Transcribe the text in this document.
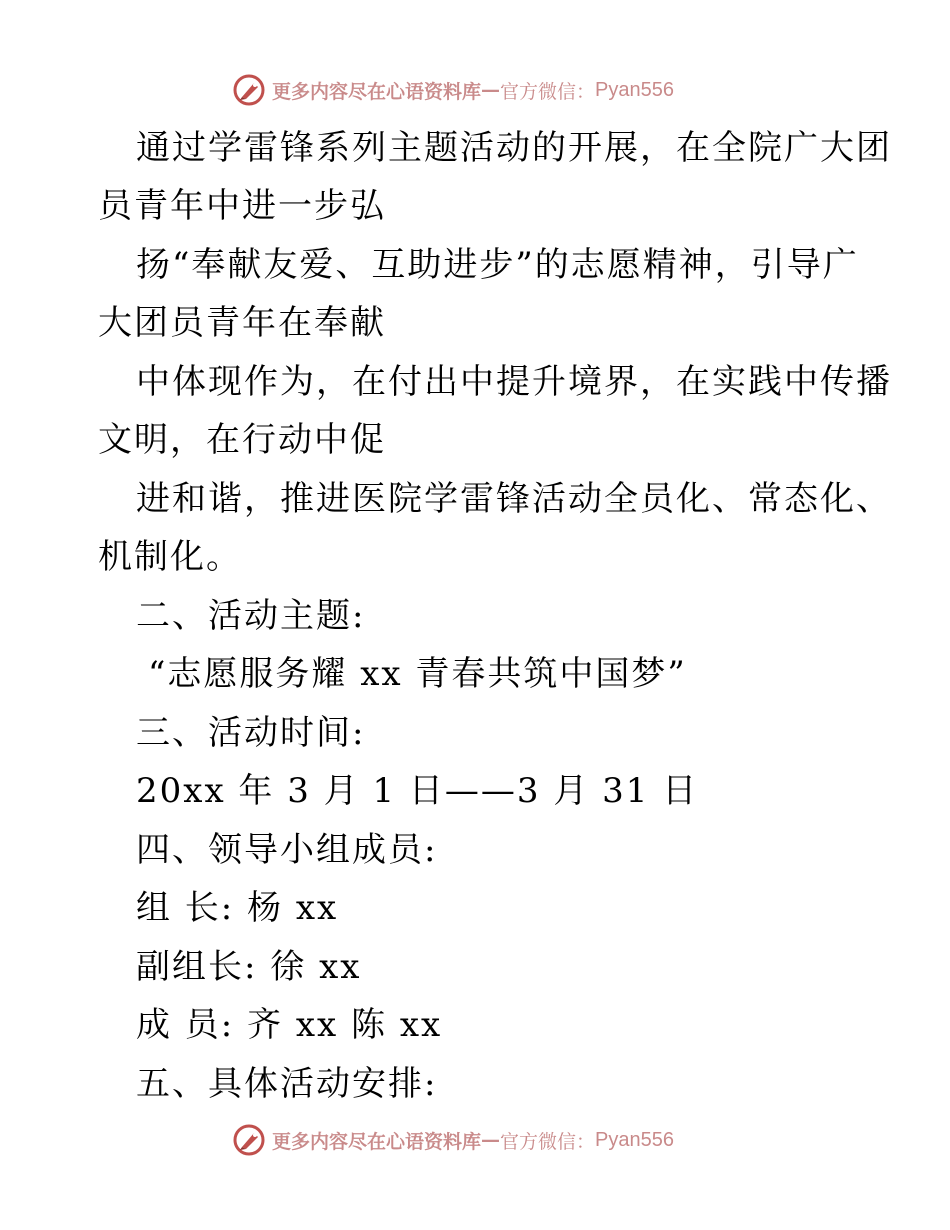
更多内容尽在心语资料库 — 官方微信： Pyan556
通过学雷锋系列主题活动的开展，在全院广大团
员青年中进一步弘
扬“奉献友爱、互助进步”的志愿精神，引导广
大团员青年在奉献
中体现作为，在付出中提升境界，在实践中传播
文明，在行动中促
进和谐，推进医院学雷锋活动全员化、常态化、
机制化。
二、活动主题:
“志愿服务耀 xx 青春共筑中国梦”
三、活动时间:
20xx 年 3 月 1 日——3 月 31 日
四、领导小组成员:
组 长: 杨 xx
副组长: 徐 xx
成 员: 齐 xx 陈 xx
五、具体活动安排:
更多内容尽在心语资料库 — 官方微信： Pyan556
